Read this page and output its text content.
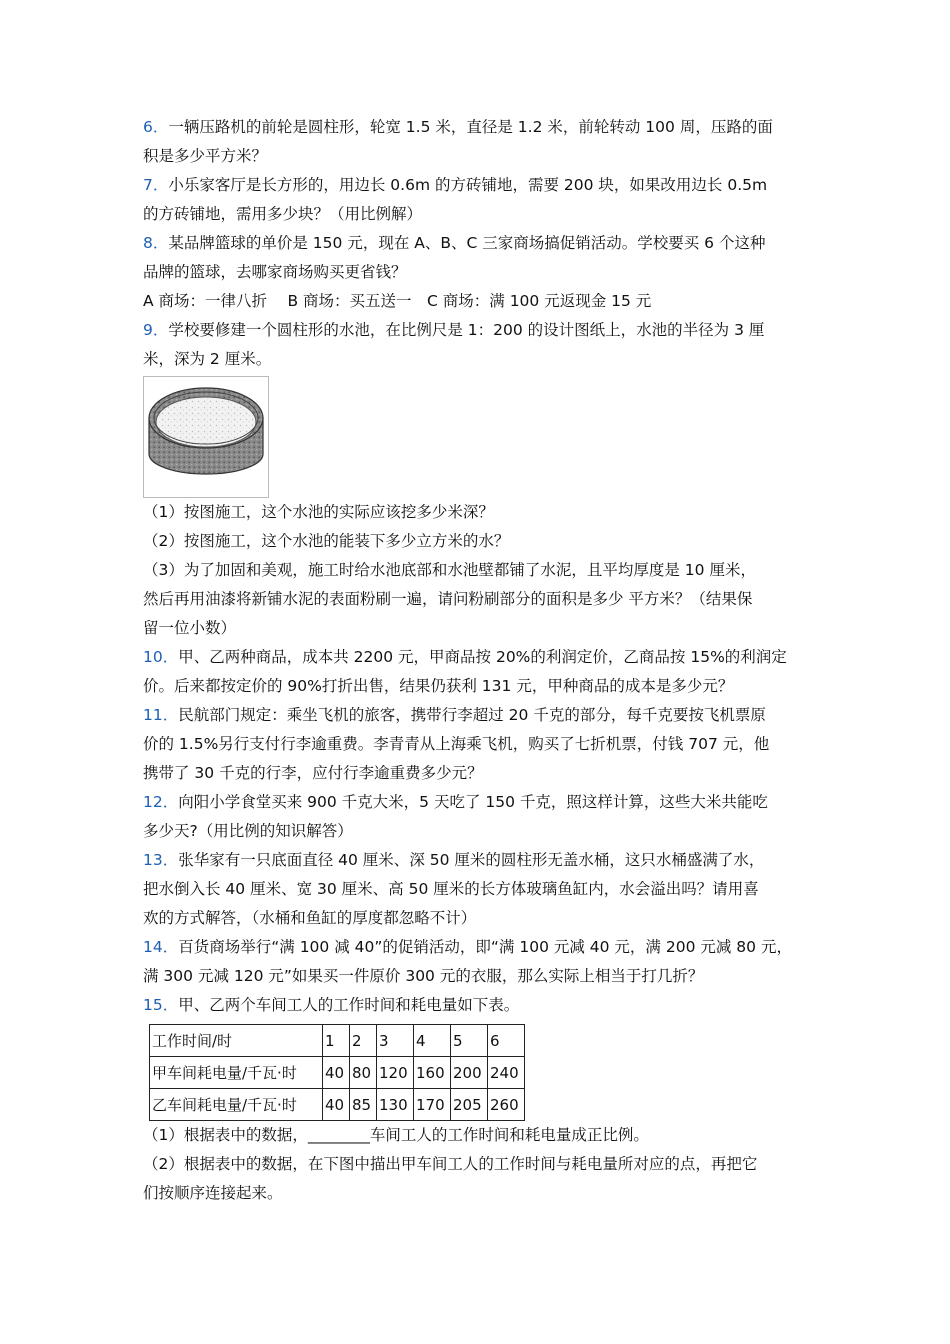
6．一辆压路机的前轮是圆柱形，轮宽 1.5 米，直径是 1.2 米，前轮转动 100 周，压路的面

积是多少平方米？

7．小乐家客厅是长方形的，用边长 0.6m 的方砖铺地，需要 200 块，如果改用边长 0.5m

的方砖铺地，需用多少块？（用比例解）

8．某品牌篮球的单价是 150 元，现在 A、B、C 三家商场搞促销活动。学校要买 6 个这种

品牌的篮球，去哪家商场购买更省钱？

A 商场：一律八折　 B 商场：买五送一　C 商场：满 100 元返现金 15 元

9．学校要修建一个圆柱形的水池，在比例尺是 1：200 的设计图纸上，水池的半径为 3 厘

米，深为 2 厘米。

（1）按图施工，这个水池的实际应该挖多少米深？

（2）按图施工，这个水池的能装下多少立方米的水？

（3）为了加固和美观，施工时给水池底部和水池壁都铺了水泥，且平均厚度是 10 厘米，

然后再用油漆将新铺水泥的表面粉刷一遍，请问粉刷部分的面积是多少 平方米？（结果保

留一位小数）

10．甲、乙两种商品，成本共 2200 元，甲商品按 20%的利润定价，乙商品按 15%的利润定

价。后来都按定价的 90%打折出售，结果仍获利 131 元，甲种商品的成本是多少元？

11．民航部门规定：乘坐飞机的旅客，携带行李超过 20 千克的部分，每千克要按飞机票原

价的 1.5%另行支付行李逾重费。李青青从上海乘飞机，购买了七折机票，付钱 707 元，他

携带了 30 千克的行李，应付行李逾重费多少元？

12．向阳小学食堂买来 900 千克大米，5 天吃了 150 千克，照这样计算，这些大米共能吃

多少天?（用比例的知识解答）

13．张华家有一只底面直径 40 厘米、深 50 厘米的圆柱形无盖水桶，这只水桶盛满了水，

把水倒入长 40 厘米、宽 30 厘米、高 50 厘米的长方体玻璃鱼缸内，水会溢出吗？请用喜

欢的方式解答，（水桶和鱼缸的厚度都忽略不计）

14．百货商场举行“满 100 减 40”的促销活动，即“满 100 元减 40 元，满 200 元减 80 元，

满 300 元减 120 元”如果买一件原价 300 元的衣服，那么实际上相当于打几折？

15．甲、乙两个车间工人的工作时间和耗电量如下表。

工作时间/时	1	2	3	4	5	6
甲车间耗电量/千瓦·时	40	80	120	160	200	240
乙车间耗电量/千瓦·时	40	85	130	170	205	260

（1）根据表中的数据，________车间工人的工作时间和耗电量成正比例。

（2）根据表中的数据，在下图中描出甲车间工人的工作时间与耗电量所对应的点，再把它

们按顺序连接起来。
